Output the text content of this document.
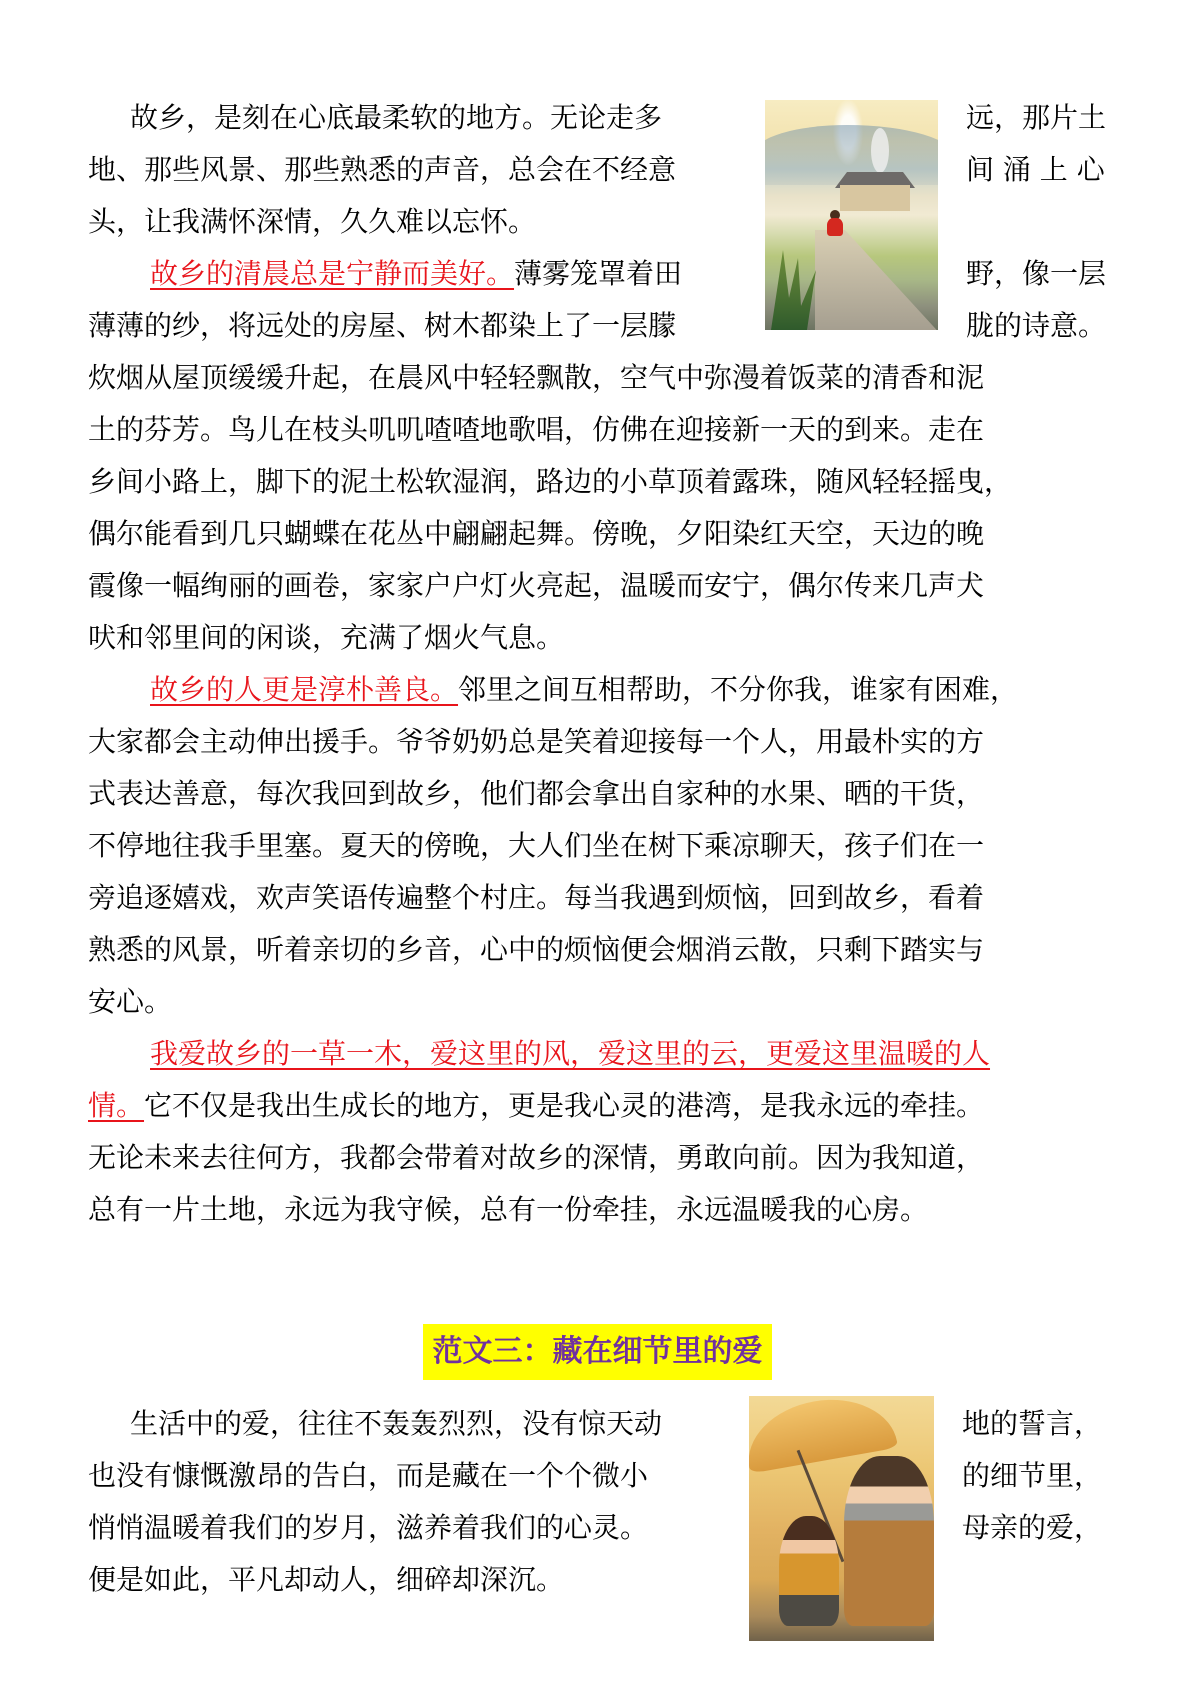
故乡，是刻在心底最柔软的地方。无论走多	远，那片土
地、那些风景、那些熟悉的声音，总会在不经意	间 涌 上 心
头，让我满怀深情，久久难以忘怀。
故乡的清晨总是宁静而美好。薄雾笼罩着田	野，像一层
薄薄的纱，将远处的房屋、树木都染上了一层朦	胧的诗意。
炊烟从屋顶缓缓升起，在晨风中轻轻飘散，空气中弥漫着饭菜的清香和泥
土的芬芳。鸟儿在枝头叽叽喳喳地歌唱，仿佛在迎接新一天的到来。走在
乡间小路上，脚下的泥土松软湿润，路边的小草顶着露珠，随风轻轻摇曳，
偶尔能看到几只蝴蝶在花丛中翩翩起舞。傍晚，夕阳染红天空，天边的晚
霞像一幅绚丽的画卷，家家户户灯火亮起，温暖而安宁，偶尔传来几声犬
吠和邻里间的闲谈，充满了烟火气息。
故乡的人更是淳朴善良。邻里之间互相帮助，不分你我，谁家有困难，
大家都会主动伸出援手。爷爷奶奶总是笑着迎接每一个人，用最朴实的方
式表达善意，每次我回到故乡，他们都会拿出自家种的水果、晒的干货，
不停地往我手里塞。夏天的傍晚，大人们坐在树下乘凉聊天，孩子们在一
旁追逐嬉戏，欢声笑语传遍整个村庄。每当我遇到烦恼，回到故乡，看着
熟悉的风景，听着亲切的乡音，心中的烦恼便会烟消云散，只剩下踏实与
安心。
我爱故乡的一草一木，爱这里的风，爱这里的云，更爱这里温暖的人
情。它不仅是我出生成长的地方，更是我心灵的港湾，是我永远的牵挂。
无论未来去往何方，我都会带着对故乡的深情，勇敢向前。因为我知道，
总有一片土地，永远为我守候，总有一份牵挂，永远温暖我的心房。
范文三：藏在细节里的爱
生活中的爱，往往不轰轰烈烈，没有惊天动	地的誓言，
也没有慷慨激昂的告白，而是藏在一个个微小	的细节里，
悄悄温暖着我们的岁月，滋养着我们的心灵。	母亲的爱，
便是如此，平凡却动人，细碎却深沉。
